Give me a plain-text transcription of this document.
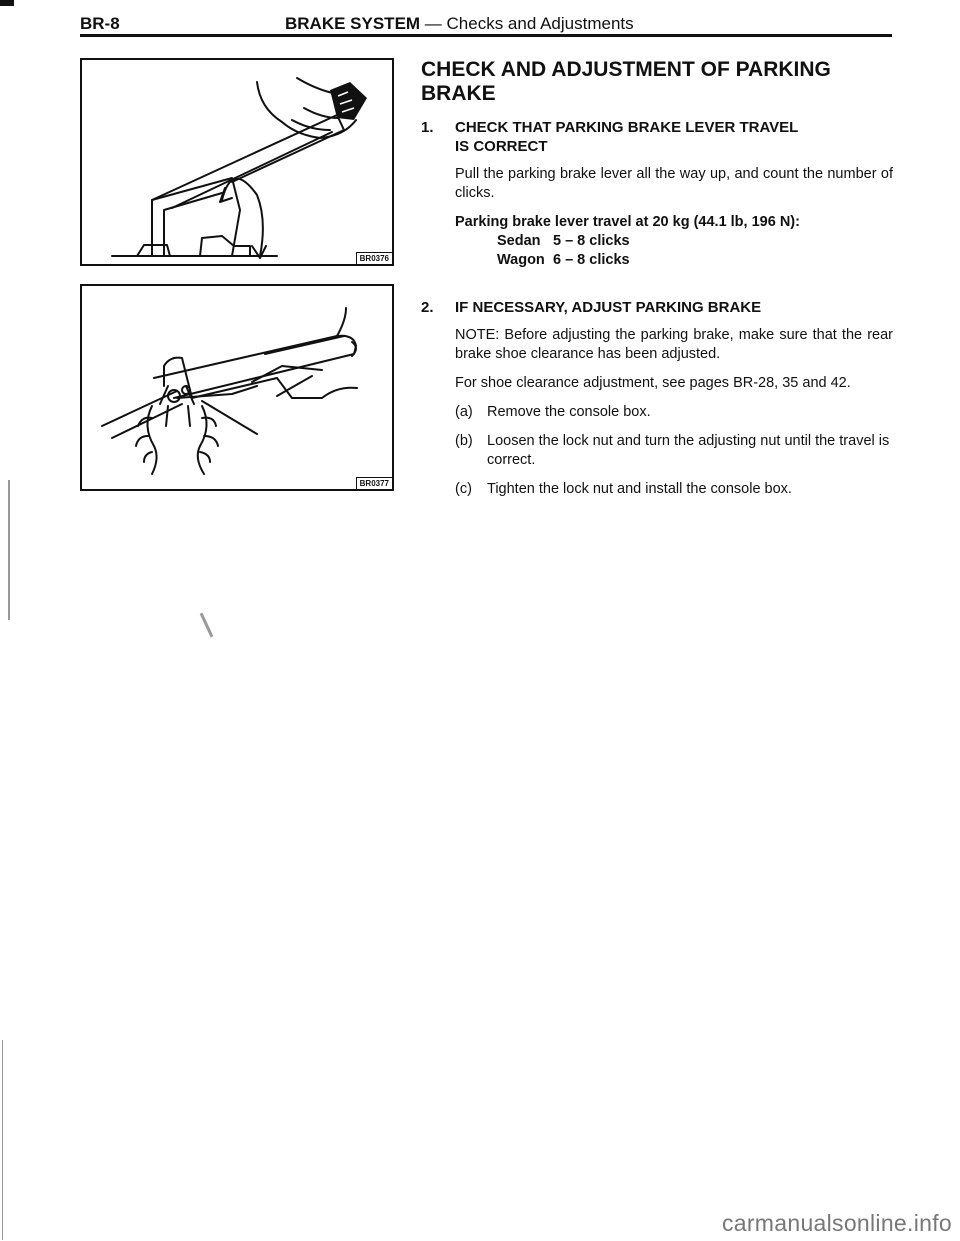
BR-8	BRAKE SYSTEM — Checks and Adjustments
BR0376
BR0377
CHECK AND ADJUSTMENT OF PARKING
BRAKE
1. CHECK THAT PARKING BRAKE LEVER TRAVEL
IS CORRECT

Pull the parking brake lever all the way up, and count the number of clicks.

Parking brake lever travel at 20 kg (44.1 lb, 196 N):
Sedan 5 – 8 clicks
Wagon 6 – 8 clicks
2. IF NECESSARY, ADJUST PARKING BRAKE

NOTE: Before adjusting the parking brake, make sure that the rear brake shoe clearance has been adjusted.

For shoe clearance adjustment, see pages BR-28, 35 and 42.

(a) Remove the console box.
(b) Loosen the lock nut and turn the adjusting nut until the travel is correct.
(c) Tighten the lock nut and install the console box.
carmanualsonline.info
